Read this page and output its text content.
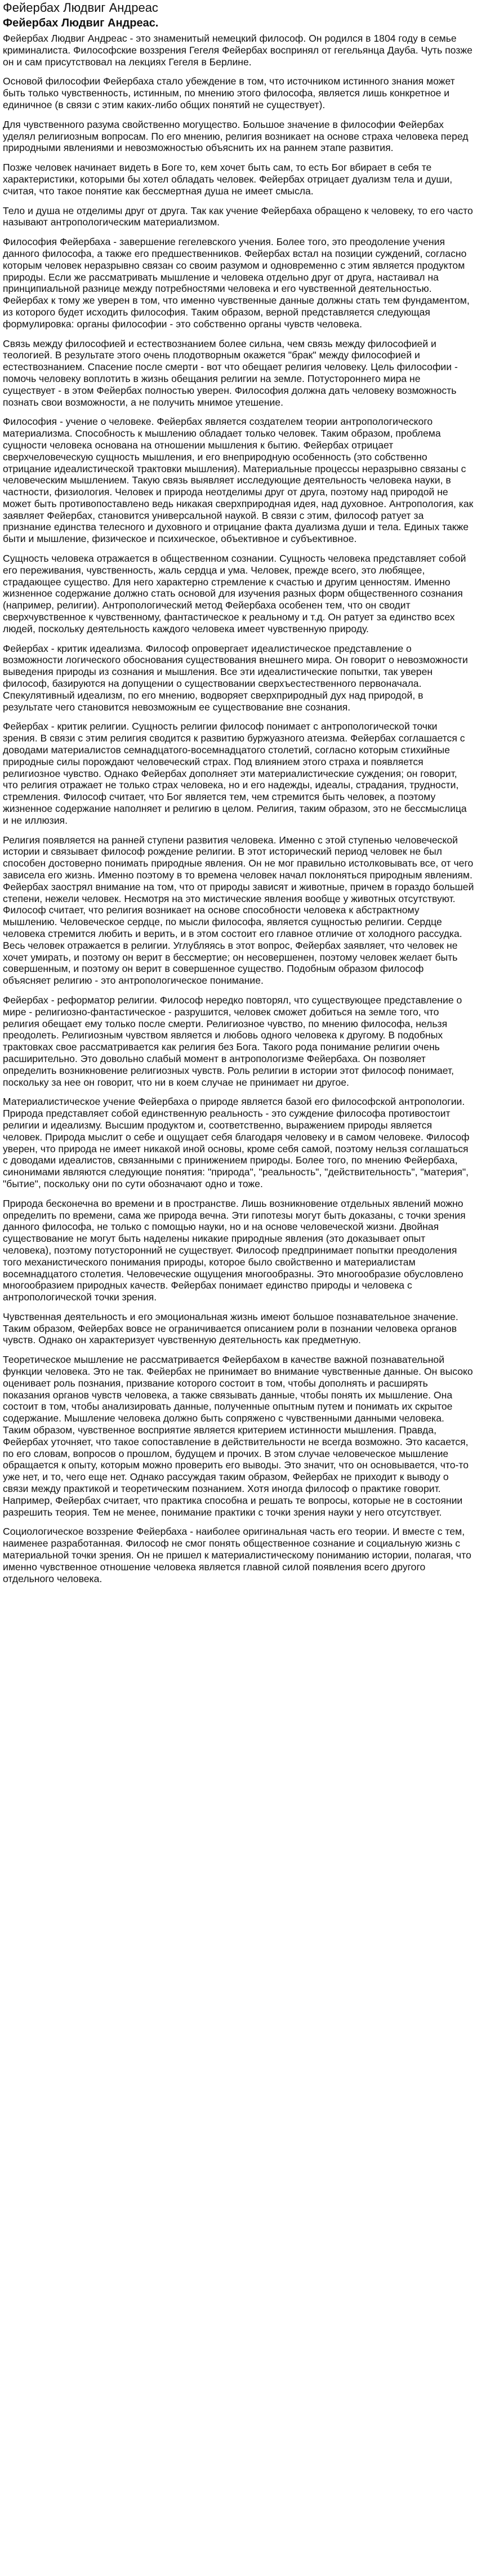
Фейербах Людвиг Андреас
Фейербах Людвиг Андреас.

Фейербах Людвиг Андреас - это знаменитый немецкий философ. Он родился в 1804 году в семье криминалиста. Философские воззрения Гегеля Фейербах воспринял от гегельянца Дауба. Чуть позже он и сам присутствовал на лекциях Гегеля в Берлине.

Основой философии Фейербаха стало убеждение в том, что источником истинного знания может быть только чувственность, истинным, по мнению этого философа, является лишь конкретное и единичное (в связи с этим каких-либо общих понятий не существует).

Для чувственного разума свойственно могущество. Большое значение в философии Фейербах уделял религиозным вопросам. По его мнению, религия возникает на основе страха человека перед природными явлениями и невозможностью объяснить их на раннем этапе развития.

Позже человек начинает видеть в Боге то, кем хочет быть сам, то есть Бог вбирает в себя те характеристики, которыми бы хотел обладать человек. Фейербах отрицает дуализм тела и души, считая, что такое понятие как бессмертная душа не имеет смысла.

Тело и душа не отделимы друг от друга. Так как учение Фейербаха обращено к человеку, то его часто называют антропологическим материализмом.

Философия Фейербаха - завершение гегелевского учения. Более того, это преодоление учения данного философа, а также его предшественников. Фейербах встал на позиции суждений, согласно которым человек неразрывно связан со своим разумом и одновременно с этим является продуктом природы. Если же рассматривать мышление и человека отдельно друг от друга, настаивал на принципиальной разнице между потребностями человека и его чувственной деятельностью. Фейербах к тому же уверен в том, что именно чувственные данные должны стать тем фундаментом, из которого будет исходить философия. Таким образом, верной представляется следующая формулировка: органы философии - это собственно органы чувств человека.

Связь между философией и естествознанием более сильна, чем связь между философией и теологией. В результате этого очень плодотворным окажется "брак" между философией и естествознанием. Спасение после смерти - вот что обещает религия человеку. Цель философии - помочь человеку воплотить в жизнь обещания религии на земле. Потустороннего мира не существует - в этом Фейербах полностью уверен. Философия должна дать человеку возможность познать свои возможности, а не получить мнимое утешение.

Философия - учение о человеке. Фейербах является создателем теории антропологического материализма. Способность к мышлению обладает только человек. Таким образом, проблема сущности человека основана на отношении мышления к бытию. Фейербах отрицает сверхчеловеческую сущность мышления, и его внеприродную особенность (это собственно отрицание идеалистической трактовки мышления). Материальные процессы неразрывно связаны с человеческим мышлением. Такую связь выявляет исследующие деятельность человека науки, в частности, физиология. Человек и природа неотделимы друг от друга, поэтому над природой не может быть противопоставлено ведь никакая сверхприродная идея, над духовное. Антропология, как заявляет Фейербах, становится универсальной наукой. В связи с этим, философ ратует за признание единства телесного и духовного и отрицание факта дуализма души и тела. Единых также быти и мышление, физическое и психическое, объективное и субъективное.

Сущность человека отражается в общественном сознании. Сущность человека представляет собой его переживания, чувственность, жаль сердца и ума. Человек, прежде всего, это любящее, страдающее существо. Для него характерно стремление к счастью и другим ценностям. Именно жизненное содержание должно стать основой для изучения разных форм общественного сознания (например, религии). Антропологический метод Фейербаха особенен тем, что он сводит сверхчувственное к чувственному, фантастическое к реальному и т.д. Он ратует за единство всех людей, поскольку деятельность каждого человека имеет чувственную природу.

Фейербах - критик идеализма. Философ опровергает идеалистическое представление о возможности логического обоснования существования внешнего мира. Он говорит о невозможности выведения природы из сознания и мышления. Все эти идеалистические попытки, так уверен философ, базируются на допущении о существовании сверхъестественного первоначала. Спекулятивный идеализм, по его мнению, водворяет сверхприродный дух над природой, в результате чего становится невозможным ее существование вне сознания.

Фейербах - критик религии. Сущность религии философ понимает с антропологической точки зрения. В связи с этим религия сводится к развитию буржуазного атеизма. Фейербах соглашается с доводами материалистов семнадцатого-восемнадцатого столетий, согласно которым стихийные природные силы порождают человеческий страх. Под влиянием этого страха и появляется религиозное чувство. Однако Фейербах дополняет эти материалистические суждения; он говорит, что религия отражает не только страх человека, но и его надежды, идеалы, страдания, трудности, стремления. Философ считает, что Бог является тем, чем стремится быть человек, а поэтому жизненное содержание наполняет и религию в целом. Религия, таким образом, это не бессмыслица и не иллюзия.

Религия появляется на ранней ступени развития человека. Именно с этой ступенью человеческой истории и связывает философ рождение религии. В этот исторический период человек не был способен достоверно понимать природные явления. Он не мог правильно истолковывать все, от чего зависела его жизнь. Именно поэтому в то времена человек начал поклоняться природным явлениям. Фейербах заострял внимание на том, что от природы зависят и животные, причем в гораздо большей степени, нежели человек. Несмотря на это мистические явления вообще у животных отсутствуют. Философ считает, что религия возникает на основе способности человека к абстрактному мышлению. Человеческое сердце, по мысли философа, является сущностью религии. Сердце человека стремится любить и верить, и в этом состоит его главное отличие от холодного рассудка. Весь человек отражается в религии. Углубляясь в этот вопрос, Фейербах заявляет, что человек не хочет умирать, и поэтому он верит в бессмертие; он несовершенен, поэтому человек желает быть совершенным, и поэтому он верит в совершенное существо. Подобным образом философ объясняет религию - это антропологическое понимание.

Фейербах - реформатор религии. Философ нередко повторял, что существующее представление о мире - религиозно-фантастическое - разрушится, человек сможет добиться на земле того, что религия обещает ему только после смерти. Религиозное чувство, по мнению философа, нельзя преодолеть. Религиозным чувством является и любовь одного человека к другому. В подобных трактовках свое рассматривается как религия без Бога. Такого рода понимание религии очень расширительно. Это довольно слабый момент в антропологизме Фейербаха. Он позволяет определить возникновение религиозных чувств. Роль религии в истории этот философ понимает, поскольку за нее он говорит, что ни в коем случае не принимает ни другое.

Материалистическое учение Фейербаха о природе является базой его философской антропологии. Природа представляет собой единственную реальность - это суждение философа противостоит религии и идеализму. Высшим продуктом и, соответственно, выражением природы является человек. Природа мыслит о себе и ощущает себя благодаря человеку и в самом человеке. Философ уверен, что природа не имеет никакой иной основы, кроме себя самой, поэтому нельзя соглашаться с доводами идеалистов, связанными с принижением природы. Более того, по мнению Фейербаха, синонимами являются следующие понятия: "природа", "реальность", "действительность", "материя", "бытие", поскольку они по сути обозначают одно и тоже.

Природа бесконечна во времени и в пространстве. Лишь возникновение отдельных явлений можно определить по времени, сама же природа вечна. Эти гипотезы могут быть доказаны, с точки зрения данного философа, не только с помощью науки, но и на основе человеческой жизни. Двойная существование не могут быть наделены никакие природные явления (это доказывает опыт человека), поэтому потусторонний не существует. Философ предпринимает попытки преодоления того механистического понимания природы, которое было свойственно и материалистам восемнадцатого столетия. Человеческие ощущения многообразны. Это многообразие обусловлено многообразием природных качеств. Фейербах понимает единство природы и человека с антропологической точки зрения.

Чувственная деятельность и его эмоциональная жизнь имеют большое познавательное значение. Таким образом, Фейербах вовсе не ограничивается описанием роли в познании человека органов чувств. Однако он характеризует чувственную деятельность как предметную.

Теоретическое мышление не рассматривается Фейербахом в качестве важной познавательной функции человека. Это не так. Фейербах не принимает во внимание чувственные данные. Он высоко оценивает роль познания, призвание которого состоит в том, чтобы дополнять и расширять показания органов чувств человека, а также связывать данные, чтобы понять их мышление. Она состоит в том, чтобы анализировать данные, полученные опытным путем и понимать их скрытое содержание. Мышление человека должно быть сопряжено с чувственными данными человека. Таким образом, чувственное восприятие является критерием истинности мышления. Правда, Фейербах уточняет, что такое сопоставление в действительности не всегда возможно. Это касается, по его словам, вопросов о прошлом, будущем и прочих. В этом случае человеческое мышление обращается к опыту, которым можно проверить его выводы. Это значит, что он основывается, что-то уже нет, и то, чего еще нет. Однако рассуждая таким образом, Фейербах не приходит к выводу о связи между практикой и теоретическим познанием. Хотя иногда философ о практике говорит. Например, Фейербах считает, что практика способна и решать те вопросы, которые не в состоянии разрешить теория. Тем не менее, понимание практики с точки зрения науки у него отсутствует.

Социологическое воззрение Фейербаха - наиболее оригинальная часть его теории. И вместе с тем, наименее разработанная. Философ не смог понять общественное сознание и социальную жизнь с материальной точки зрения. Он не пришел к материалистическому пониманию истории, полагая, что именно чувственное отношение человека является главной силой появления всего другого отдельного человека.
